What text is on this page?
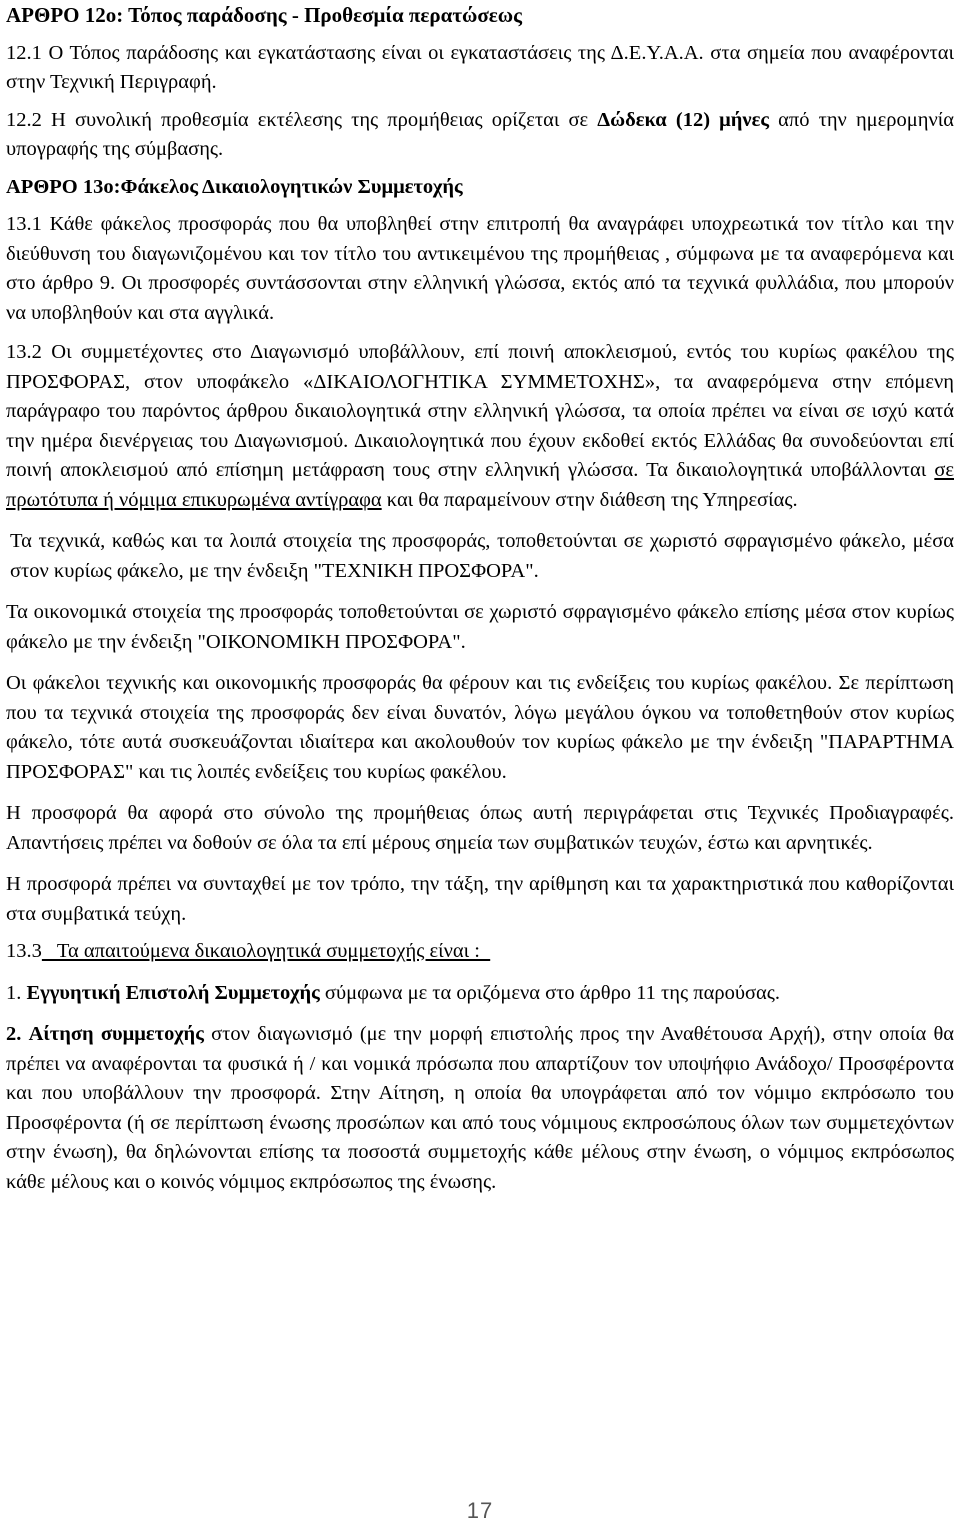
ΑΡΘΡΟ 12ο: Τόπος παράδοσης - Προθεσμία περατώσεως

12.1 Ο Τόπος παράδοσης και εγκατάστασης είναι οι εγκαταστάσεις της Δ.Ε.Υ.Α.Α. στα σημεία που αναφέρονται στην Τεχνική Περιγραφή.

12.2 Η συνολική προθεσμία εκτέλεσης της προμήθειας ορίζεται σε Δώδεκα (12) μήνες από την ημερομηνία υπογραφής της σύμβασης.

ΑΡΘΡΟ 13ο:Φάκελος Δικαιολογητικών Συμμετοχής

13.1 Κάθε φάκελος προσφοράς που θα υποβληθεί στην επιτροπή θα αναγράφει υποχρεωτικά τον τίτλο και την διεύθυνση του διαγωνιζομένου και τον τίτλο του αντικειμένου της προμήθειας , σύμφωνα με τα αναφερόμενα και στο άρθρο 9. Οι προσφορές συντάσσονται στην ελληνική γλώσσα, εκτός από τα τεχνικά φυλλάδια, που μπορούν να υποβληθούν και στα αγγλικά.

13.2 Οι συμμετέχοντες στο Διαγωνισμό υποβάλλουν, επί ποινή αποκλεισμού, εντός του κυρίως φακέλου της ΠΡΟΣΦΟΡΑΣ, στον υποφάκελο «ΔΙΚΑΙΟΛΟΓΗΤΙΚΑ ΣΥΜΜΕΤΟΧΗΣ», τα αναφερόμενα στην επόμενη παράγραφο του παρόντος άρθρου δικαιολογητικά στην ελληνική γλώσσα, τα οποία πρέπει να είναι σε ισχύ κατά την ημέρα διενέργειας του Διαγωνισμού. Δικαιολογητικά που έχουν εκδοθεί εκτός Ελλάδας θα συνοδεύονται επί ποινή αποκλεισμού από επίσημη μετάφραση τους στην ελληνική γλώσσα. Τα δικαιολογητικά υποβάλλονται σε πρωτότυπα ή νόμιμα επικυρωμένα αντίγραφα και θα παραμείνουν στην διάθεση της Υπηρεσίας.

Τα τεχνικά, καθώς και τα λοιπά στοιχεία της προσφοράς, τοποθετούνται σε χωριστό σφραγισμένο φάκελο, μέσα στον κυρίως φάκελο, με την ένδειξη "ΤΕΧΝΙΚΗ ΠΡΟΣΦΟΡΑ".

Τα οικονομικά στοιχεία της προσφοράς τοποθετούνται σε χωριστό σφραγισμένο φάκελο επίσης μέσα στον κυρίως φάκελο με την ένδειξη "ΟΙΚΟΝΟΜΙΚΗ ΠΡΟΣΦΟΡΑ".

Οι φάκελοι τεχνικής και οικονομικής προσφοράς θα φέρουν και τις ενδείξεις του κυρίως φακέλου. Σε περίπτωση που τα τεχνικά στοιχεία της προσφοράς δεν είναι δυνατόν, λόγω μεγάλου όγκου να τοποθετηθούν στον κυρίως φάκελο, τότε αυτά συσκευάζονται ιδιαίτερα και ακολουθούν τον κυρίως φάκελο με την ένδειξη "ΠΑΡΑΡΤΗΜΑ ΠΡΟΣΦΟΡΑΣ" και τις λοιπές ενδείξεις του κυρίως φακέλου.

Η προσφορά θα αφορά στο σύνολο της προμήθειας όπως αυτή περιγράφεται στις Τεχνικές Προδιαγραφές. Απαντήσεις πρέπει να δοθούν σε όλα τα επί μέρους σημεία των συμβατικών τευχών, έστω και αρνητικές.

Η προσφορά πρέπει να συνταχθεί με τον τρόπο, την τάξη, την αρίθμηση και τα χαρακτηριστικά που καθορίζονται στα συμβατικά τεύχη.

13.3   Τα απαιτούμενα δικαιολογητικά συμμετοχής είναι :

1. Εγγυητική Επιστολή Συμμετοχής σύμφωνα με τα οριζόμενα στο άρθρο 11 της παρούσας.

2. Αίτηση συμμετοχής στον διαγωνισμό (με την μορφή επιστολής προς την Αναθέτουσα Αρχή), στην οποία θα πρέπει να αναφέρονται τα φυσικά ή / και νομικά πρόσωπα που απαρτίζουν τον υποψήφιο Ανάδοχο/ Προσφέροντα και που υποβάλλουν την προσφορά. Στην Αίτηση, η οποία θα υπογράφεται από τον νόμιμο εκπρόσωπο του Προσφέροντα (ή σε περίπτωση ένωσης προσώπων και από τους νόμιμους εκπροσώπους όλων των συμμετεχόντων στην ένωση), θα δηλώνονται επίσης τα ποσοστά συμμετοχής κάθε μέλους στην ένωση, ο νόμιμος εκπρόσωπος κάθε μέλους και ο κοινός νόμιμος εκπρόσωπος της ένωσης.

17
